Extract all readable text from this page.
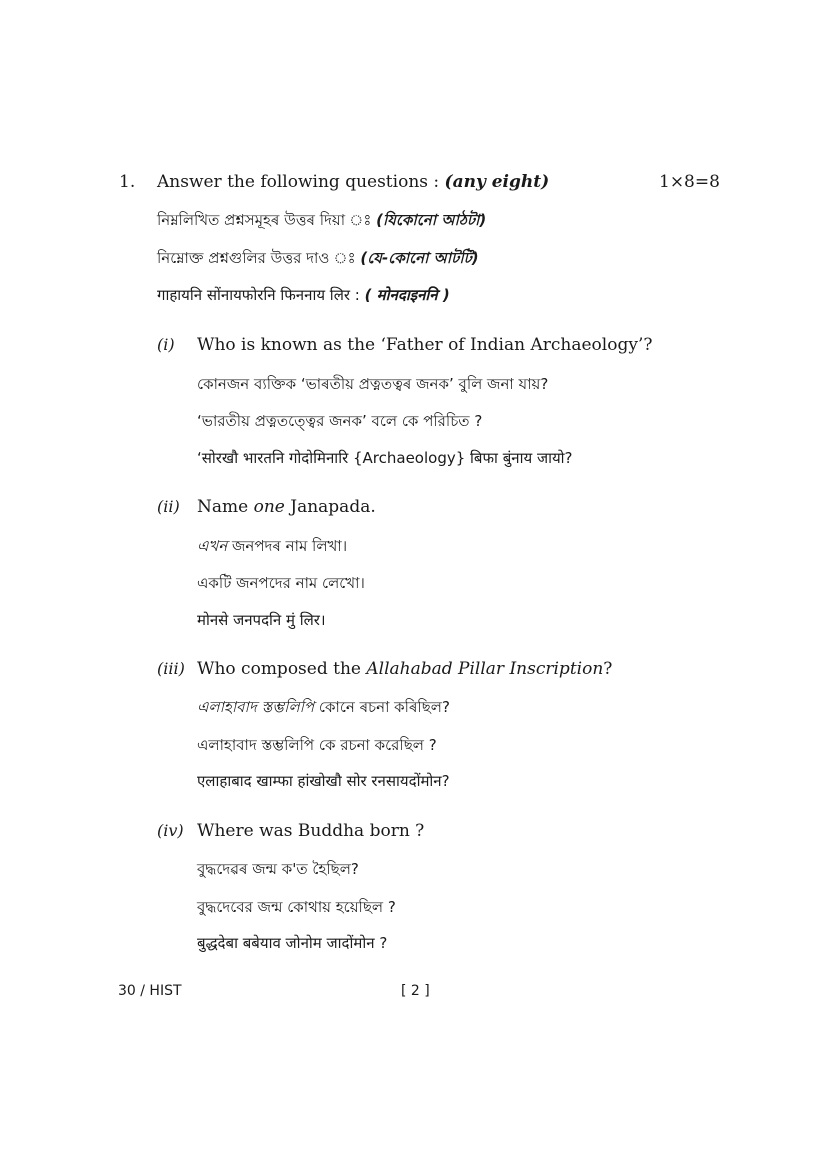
1. Answer the following questions : (any eight)	1×8=8
নিম্নলিখিত প্ৰশ্নসমূহৰ উত্তৰ দিয়া ঃ (যিকোনো আঠটা)
নিম্নোক্ত প্রশ্নগুলির উত্তর দাও ঃ (যে-কোনো আটটি)
गाहायनि सोंनायफोरनि फिननाय लिर : ( मोनदाइननि )
(i) Who is known as the ‘Father of Indian Archaeology’?
কোনজন ব্যক্তিক ‘ভাৰতীয় প্ৰত্নতত্বৰ জনক’ বুলি জনা যায়?
‘ভারতীয় প্রত্নতত্ত্বের জনক’ বলে কে পরিচিত ?
‘सोरखौ भारतनि गोदोमिनारि {Archaeology} बिफा बुंनाय जायो?
(ii) Name one Janapada.
এখন জনপদৰ নাম লিখা।
একটি জনপদের নাম লেখো।
मोनसे जनपदनि मुं लिर।
(iii) Who composed the Allahabad Pillar Inscription?
এলাহাবাদ স্তম্ভলিপি কোনে ৰচনা কৰিছিল?
এলাহাবাদ স্তম্ভলিপি কে রচনা করেছিল ?
एलाहाबाद खाम्फा हांखोखौ सोर रनसायदोंमोन?
(iv) Where was Buddha born ?
বুদ্ধদেৱৰ জন্ম ক'ত হৈছিল?
বুদ্ধদেবের জন্ম কোথায় হয়েছিল ?
बुद्धदेबा बबेयाव जोनोम जादोंमोन ?
30 / HIST	[ 2 ]
